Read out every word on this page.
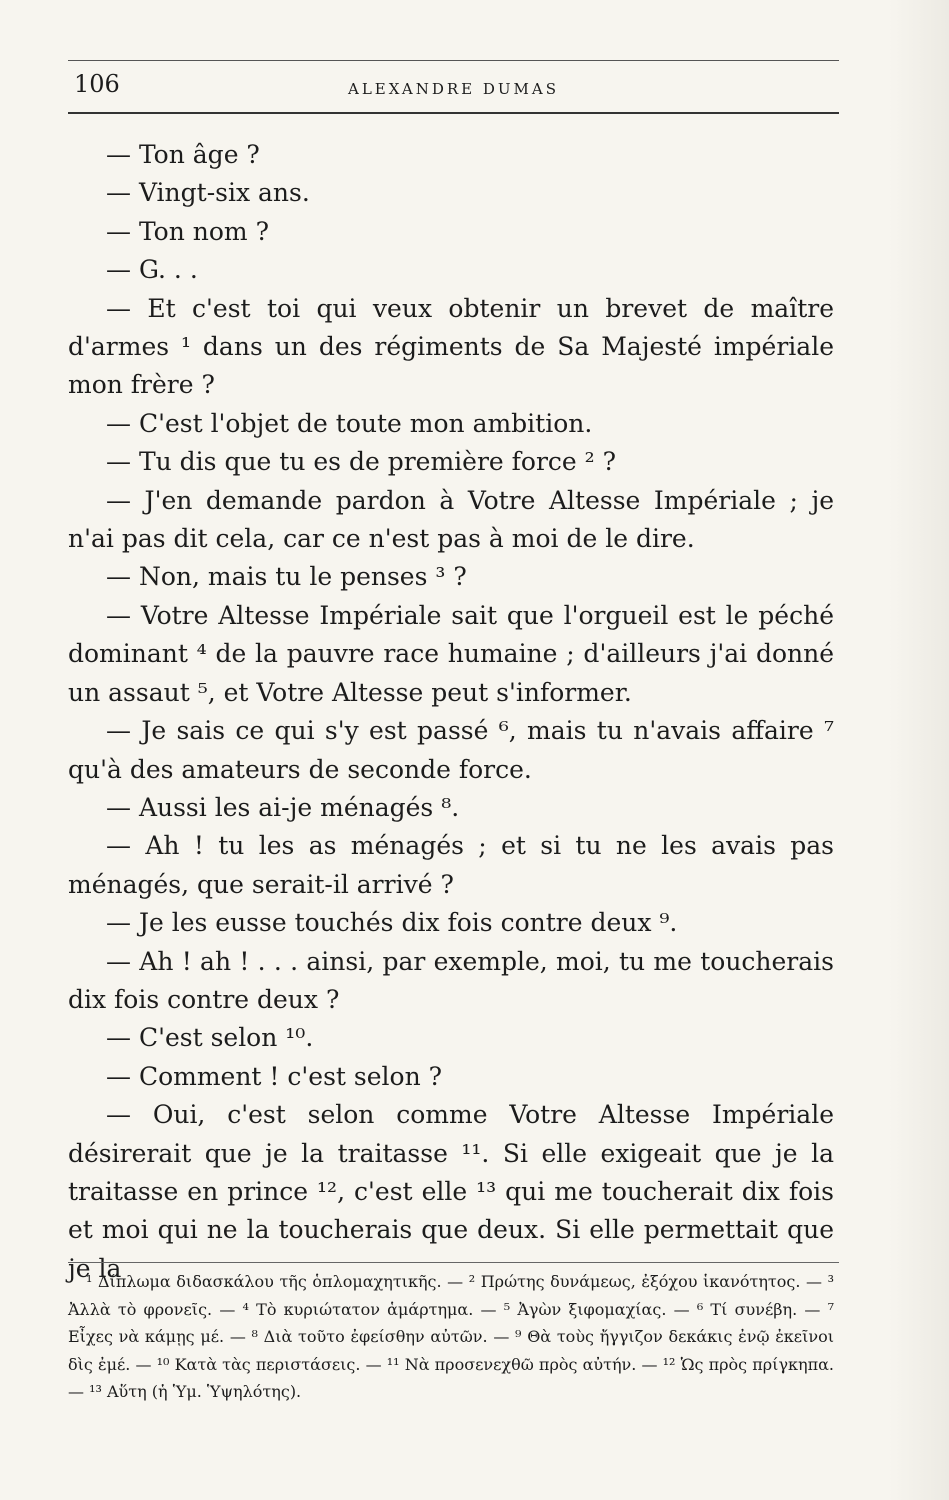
106	ALEXANDRE DUMAS

— Ton âge ?

— Vingt-six ans.

— Ton nom ?

— G. . .

— Et c'est toi qui veux obtenir un brevet de maître d'armes ¹ dans un des régiments de Sa Majesté impériale mon frère ?

— C'est l'objet de toute mon ambition.

— Tu dis que tu es de première force ² ?

— J'en demande pardon à Votre Altesse Impériale ; je n'ai pas dit cela, car ce n'est pas à moi de le dire.

— Non, mais tu le penses ³ ?

— Votre Altesse Impériale sait que l'orgueil est le péché dominant ⁴ de la pauvre race humaine ; d'ailleurs j'ai donné un assaut ⁵, et Votre Altesse peut s'informer.

— Je sais ce qui s'y est passé ⁶, mais tu n'avais affaire ⁷ qu'à des amateurs de seconde force.

— Aussi les ai-je ménagés ⁸.

— Ah ! tu les as ménagés ; et si tu ne les avais pas ménagés, que serait-il arrivé ?

— Je les eusse touchés dix fois contre deux ⁹.

— Ah ! ah ! . . . ainsi, par exemple, moi, tu me toucherais dix fois contre deux ?

— C'est selon ¹⁰.

— Comment ! c'est selon ?

— Oui, c'est selon comme Votre Altesse Impériale désirerait que je la traitasse ¹¹. Si elle exigeait que je la traitasse en prince ¹², c'est elle ¹³ qui me toucherait dix fois et moi qui ne la toucherais que deux. Si elle permettait que je la

¹ Δίπλωμα διδασκάλου τῆς ὁπλομαχητικῆς. — ² Πρώτης δυνάμεως, ἐξόχου ἱκανότητος. — ³ Ἀλλὰ τὸ φρονεῖς. — ⁴ Τὸ κυριώτατον ἁμάρτημα. — ⁵ Ἀγὼν ξιφομαχίας. — ⁶ Τί συνέβη. — ⁷ Εἶχες νὰ κάμῃς μέ. — ⁸ Διὰ τοῦτο ἐφείσθην αὐτῶν. — ⁹ Θὰ τοὺς ἤγγιζον δεκάκις ἐνῷ ἐκεῖνοι δὶς ἐμέ. — ¹⁰ Κατὰ τὰς περιστάσεις. — ¹¹ Νὰ προσενεχθῶ πρὸς αὐτήν. — ¹² Ὡς πρὸς πρίγκηπα. — ¹³ Αὕτη (ἡ Ὑμ. Ὑψηλότης).
